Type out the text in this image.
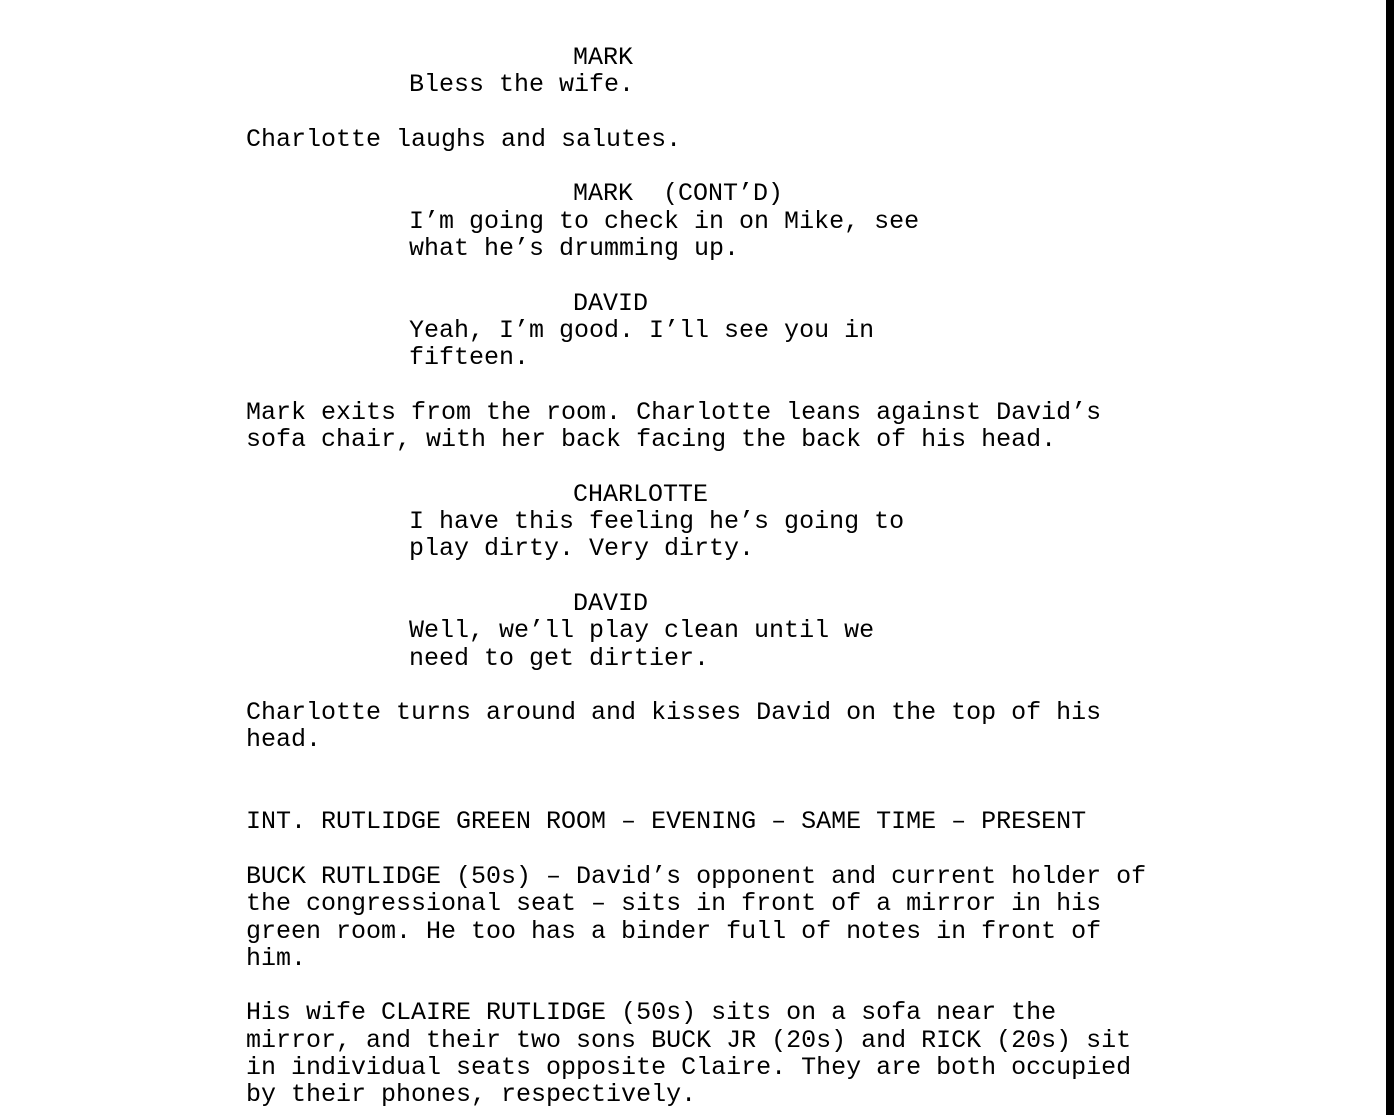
MARK
Bless the wife.
Charlotte laughs and salutes.
MARK  (CONT’D)
I’m going to check in on Mike, see
what he’s drumming up.
DAVID
Yeah, I’m good. I’ll see you in
fifteen.
Mark exits from the room. Charlotte leans against David’s
sofa chair, with her back facing the back of his head.
CHARLOTTE
I have this feeling he’s going to
play dirty. Very dirty.
DAVID
Well, we’ll play clean until we
need to get dirtier.
Charlotte turns around and kisses David on the top of his
head.
INT. RUTLIDGE GREEN ROOM – EVENING – SAME TIME – PRESENT
BUCK RUTLIDGE (50s) – David’s opponent and current holder of
the congressional seat – sits in front of a mirror in his
green room. He too has a binder full of notes in front of
him.
His wife CLAIRE RUTLIDGE (50s) sits on a sofa near the
mirror, and their two sons BUCK JR (20s) and RICK (20s) sit
in individual seats opposite Claire. They are both occupied
by their phones, respectively.
